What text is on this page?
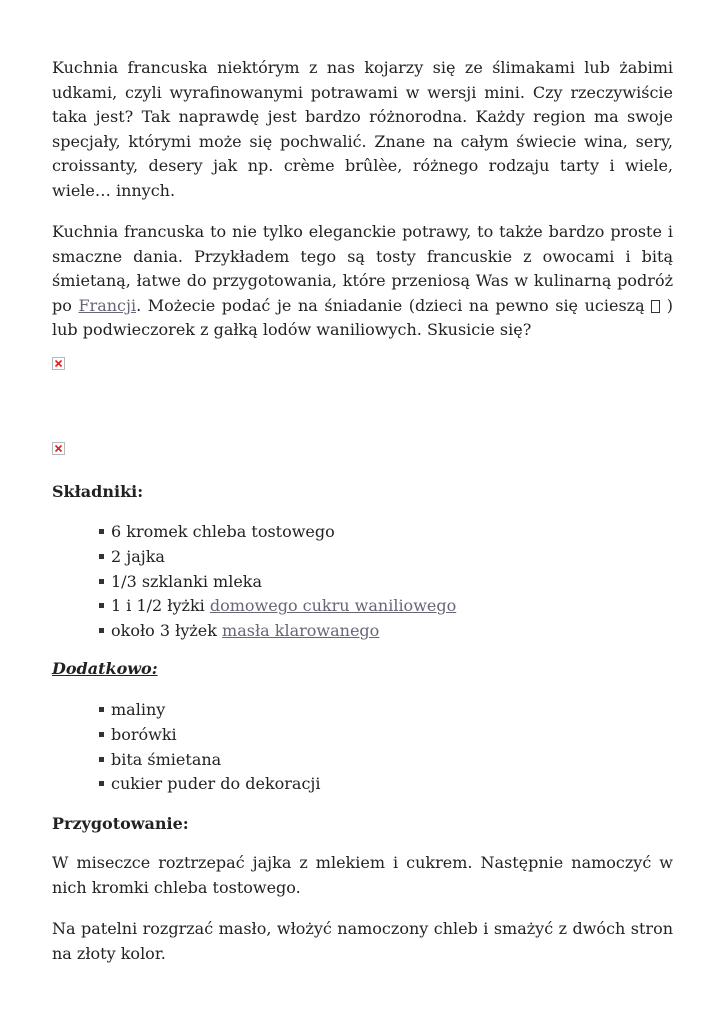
Kuchnia francuska niektórym z nas kojarzy się ze ślimakami lub żabimi udkami, czyli wyrafinowanymi potrawami w wersji mini. Czy rzeczywiście taka jest? Tak naprawdę jest bardzo różnorodna. Każdy region ma swoje specjały, którymi może się pochwalić. Znane na całym świecie wina, sery, croissanty, desery jak np. crème brûlèe, różnego rodzaju tarty i wiele, wiele… innych.

Kuchnia francuska to nie tylko eleganckie potrawy, to także bardzo proste i smaczne dania. Przykładem tego są tosty francuskie z owocami i bitą śmietaną, łatwe do przygotowania, które przeniosą Was w kulinarną podróż po Francji. Możecie podać je na śniadanie (dzieci na pewno się ucieszą  ) lub podwieczorek z gałką lodów waniliowych. Skusicie się?

Składniki:
6 kromek chleba tostowego
2 jajka
1/3 szklanki mleka
1 i 1/2 łyżki domowego cukru waniliowego
około 3 łyżek masła klarowanego
Dodatkowo:
maliny
borówki
bita śmietana
cukier puder do dekoracji
Przygotowanie:

W miseczce roztrzepać jajka z mlekiem i cukrem. Następnie namoczyć w nich kromki chleba tostowego.

Na patelni rozgrzać masło, włożyć namoczony chleb i smażyć z dwóch stron na złoty kolor.
